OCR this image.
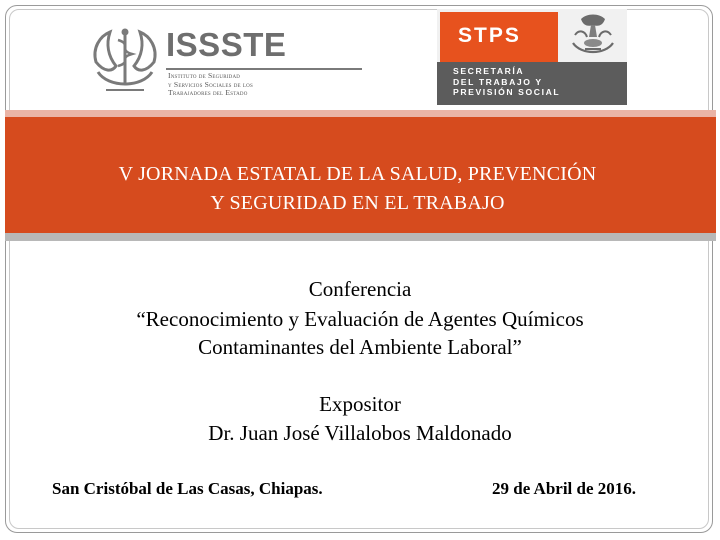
ISSSTE
Instituto de Seguridad
y Servicios Sociales de los
Trabajadores del Estado
STPS
SECRETARÍA
DEL TRABAJO Y
PREVISIÓN SOCIAL
V JORNADA ESTATAL DE LA SALUD, PREVENCIÓN
Y SEGURIDAD EN EL TRABAJO
Conferencia
“Reconocimiento y Evaluación de Agentes Químicos
Contaminantes del Ambiente Laboral”
Expositor
Dr. Juan José Villalobos Maldonado
San Cristóbal de Las Casas, Chiapas.	29 de Abril de 2016.
